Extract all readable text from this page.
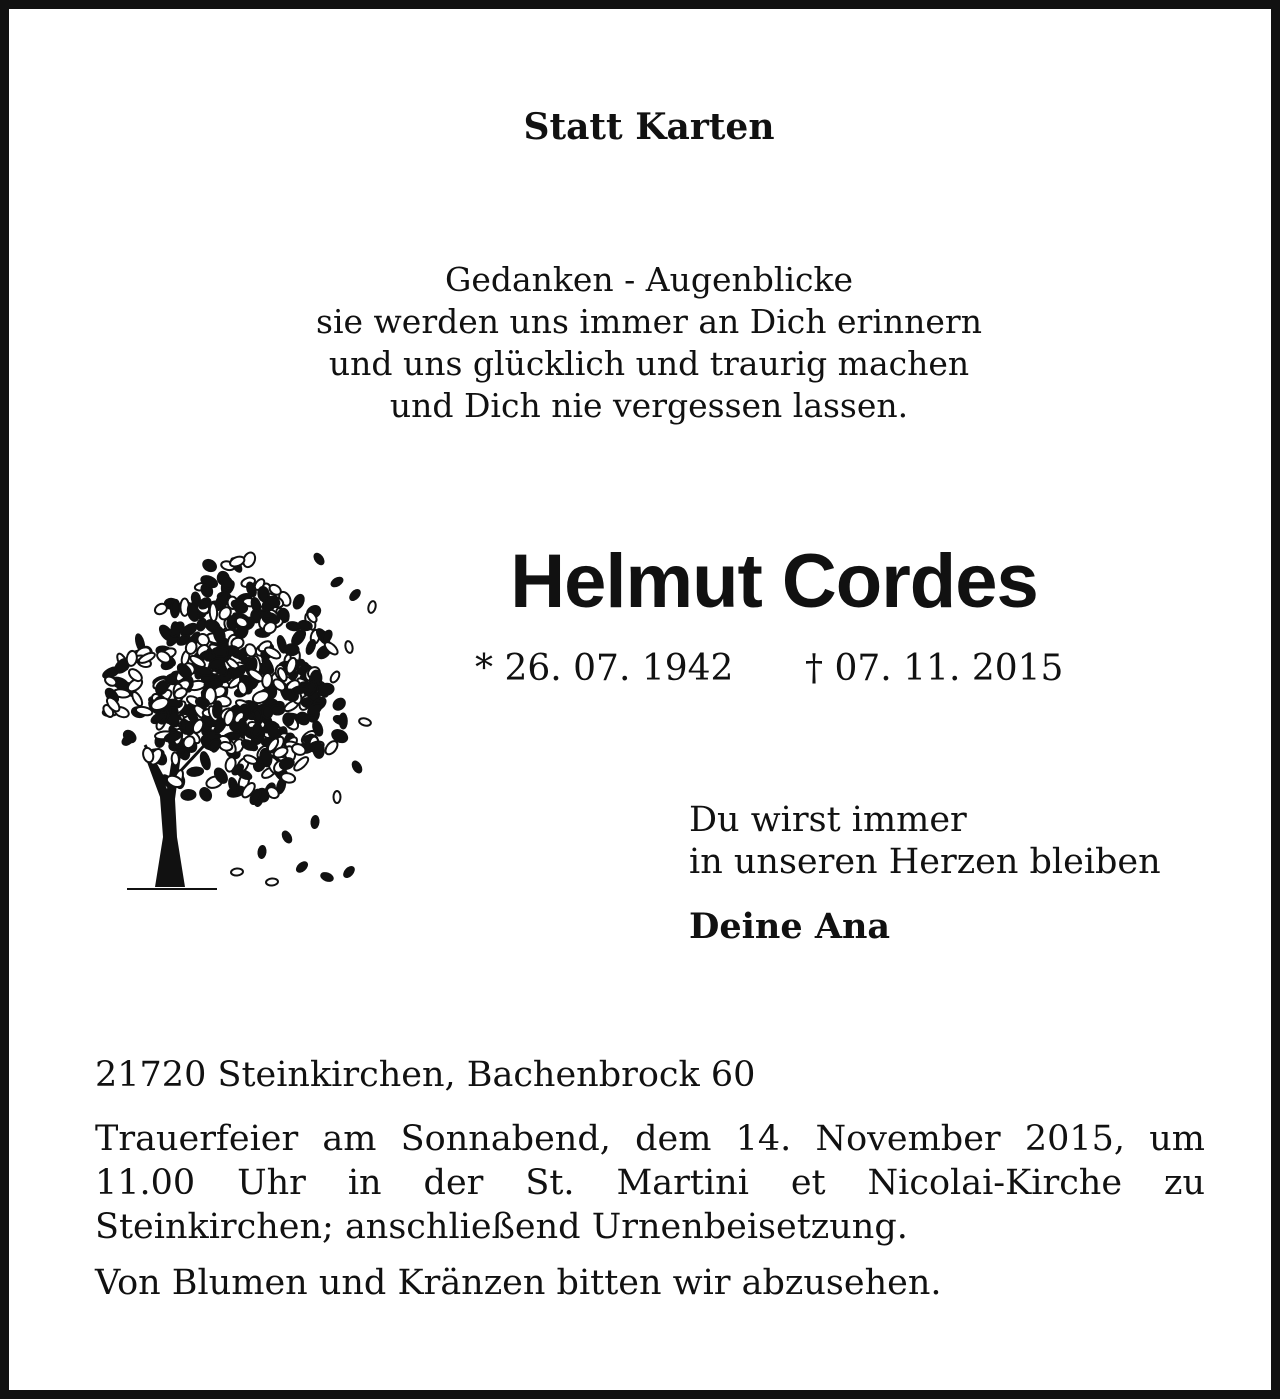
Statt Karten
Gedanken - Augenblicke
sie werden uns immer an Dich erinnern
und uns glücklich und traurig machen
und Dich nie vergessen lassen.
Helmut Cordes
* 26. 07. 1942 † 07. 11. 2015
Du wirst immer
in unseren Herzen bleiben
Deine Ana
21720 Steinkirchen, Bachenbrock 60
Trauerfeier am Sonnabend, dem 14. November 2015, um 11.00 Uhr in der St. Martini et Nicolai-Kirche zu Steinkirchen; anschließend Urnenbeisetzung.
Von Blumen und Kränzen bitten wir abzusehen.
